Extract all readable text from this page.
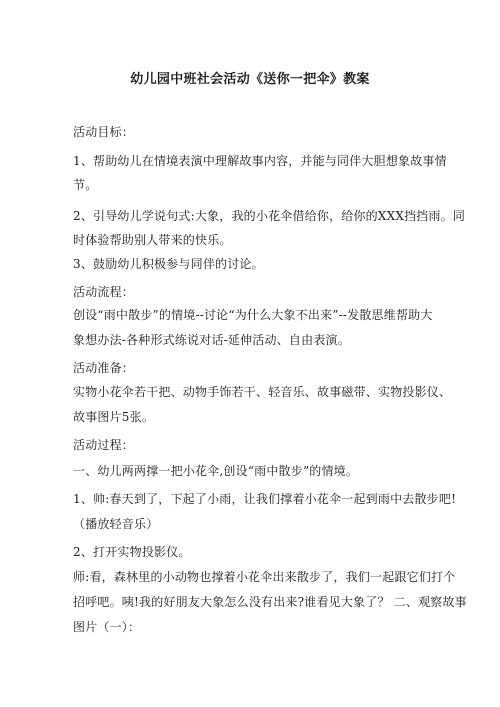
幼儿园中班社会活动《送你一把伞》教案
活动目标：
1、帮助幼儿在情境表演中理解故事内容，并能与同伴大胆想象故事情
节。
2、引导幼儿学说句式:大象，我的小花伞借给你，给你的XXX挡挡雨。同
时体验帮助别人带来的快乐。
3、鼓励幼儿积极参与同伴的讨论。
活动流程：
创设“雨中散步”的情境--讨论“为什么大象不出来”--发散思维帮助大
象想办法-各种形式练说对话-延伸活动、自由表演。
活动准备：
实物小花伞若干把、动物手饰若干、轻音乐、故事磁带、实物投影仪、
故事图片5张。
活动过程：
一、幼儿两两撑一把小花伞,创设“雨中散步”的情境。
1、帅:春天到了，下起了小雨，让我们撑着小花伞一起到雨中去散步吧!
（播放轻音乐）
2、打开实物投影仪。
师:看，森林里的小动物也撑着小花伞出来散步了，我们一起跟它们打个
招呼吧。咦!我的好朋友大象怎么没有出来?谁看见大象了？ 二、观察故事
图片（一）：
